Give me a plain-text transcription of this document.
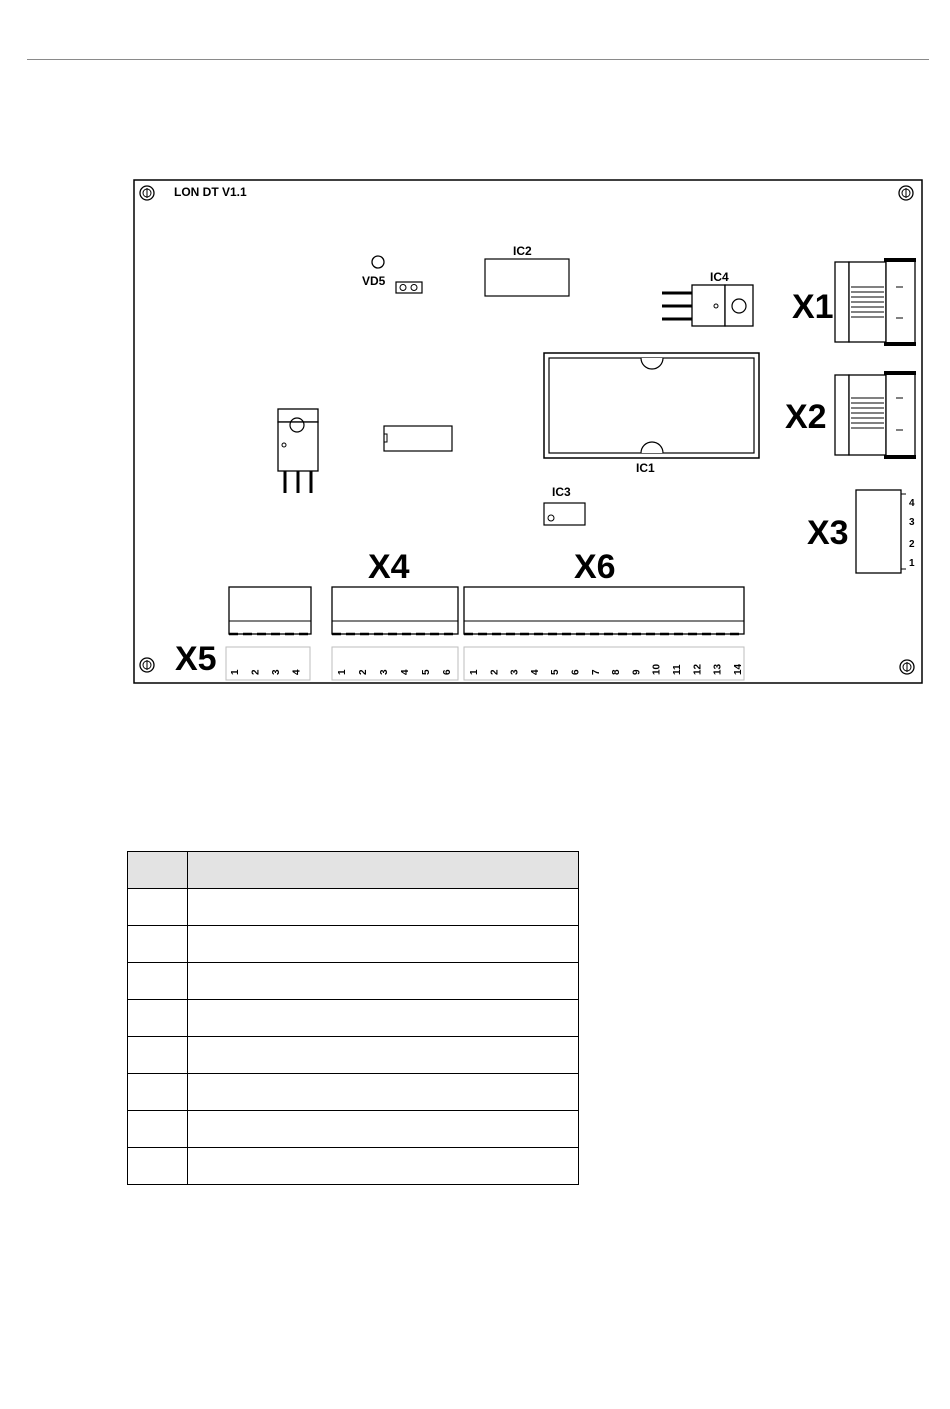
LON DT V1.1
VD5
IC2
IC4
IC1
IC3
X1
X2
X3
4
3
2
1
X5 1 2 3 4
X4
1 2 3 4 5 6
X6
1 2 3 4 5 6 7 8 9 10 11 12 13 14
